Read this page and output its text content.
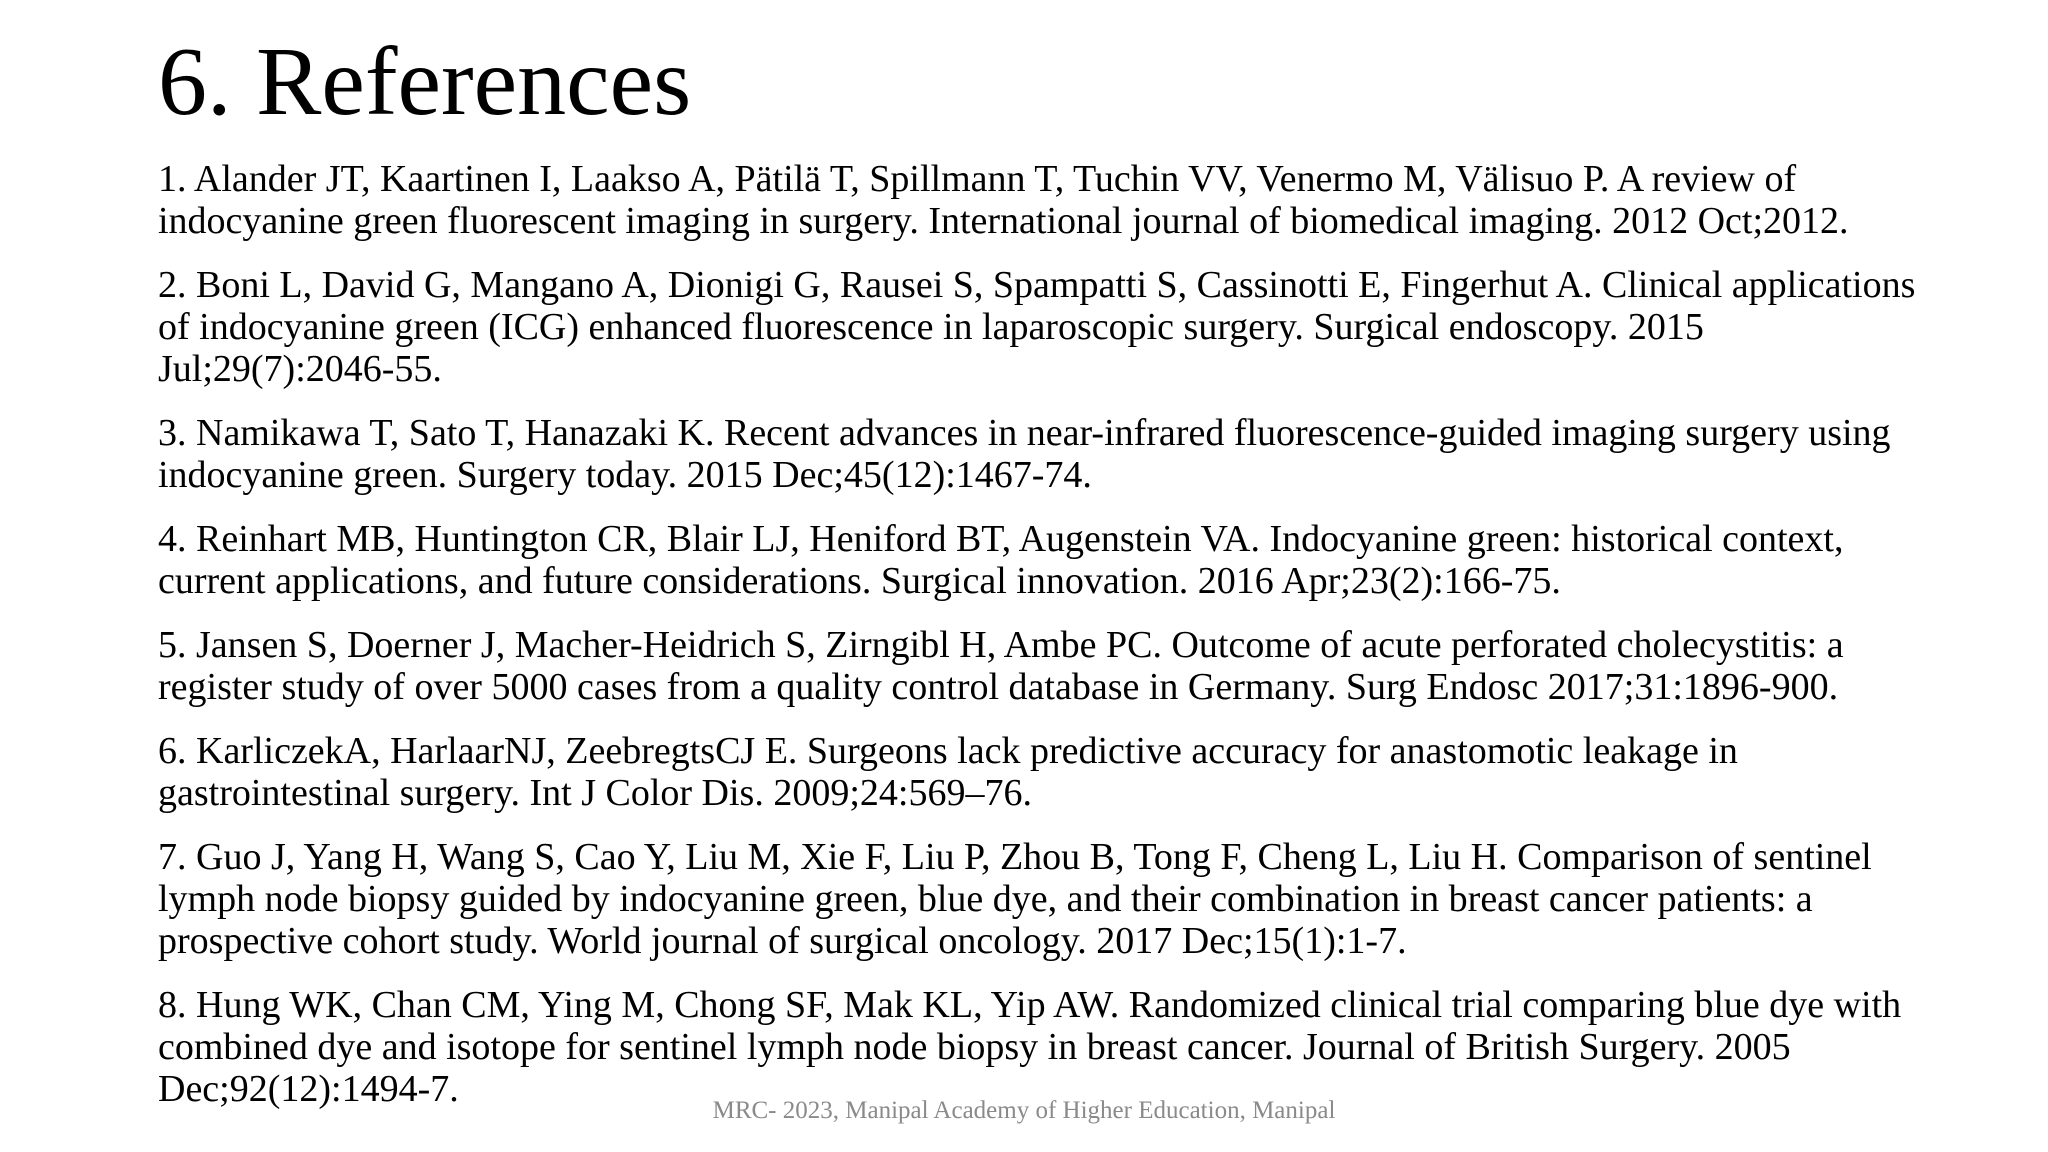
6. References
1. Alander JT, Kaartinen I, Laakso A, Pätilä T, Spillmann T, Tuchin VV, Venermo M, Välisuo P. A review of indocyanine green fluorescent imaging in surgery. International journal of biomedical imaging. 2012 Oct;2012.
2. Boni L, David G, Mangano A, Dionigi G, Rausei S, Spampatti S, Cassinotti E, Fingerhut A. Clinical applications of indocyanine green (ICG) enhanced fluorescence in laparoscopic surgery. Surgical endoscopy. 2015 Jul;29(7):2046-55.
3. Namikawa T, Sato T, Hanazaki K. Recent advances in near-infrared fluorescence-guided imaging surgery using indocyanine green. Surgery today. 2015 Dec;45(12):1467-74.
4. Reinhart MB, Huntington CR, Blair LJ, Heniford BT, Augenstein VA. Indocyanine green: historical context, current applications, and future considerations. Surgical innovation. 2016 Apr;23(2):166-75.
5. Jansen S, Doerner J, Macher-Heidrich S, Zirngibl H, Ambe PC. Outcome of acute perforated cholecystitis: a register study of over 5000 cases from a quality control database in Germany. Surg Endosc 2017;31:1896-900.
6. KarliczekA, HarlaarNJ, ZeebregtsCJ E. Surgeons lack predictive accuracy for anastomotic leakage in gastrointestinal surgery. Int J Color Dis. 2009;24:569–76.
7. Guo J, Yang H, Wang S, Cao Y, Liu M, Xie F, Liu P, Zhou B, Tong F, Cheng L, Liu H. Comparison of sentinel lymph node biopsy guided by indocyanine green, blue dye, and their combination in breast cancer patients: a prospective cohort study. World journal of surgical oncology. 2017 Dec;15(1):1-7.
8. Hung WK, Chan CM, Ying M, Chong SF, Mak KL, Yip AW. Randomized clinical trial comparing blue dye with combined dye and isotope for sentinel lymph node biopsy in breast cancer. Journal of British Surgery. 2005 Dec;92(12):1494-7.
MRC- 2023, Manipal Academy of Higher Education, Manipal
